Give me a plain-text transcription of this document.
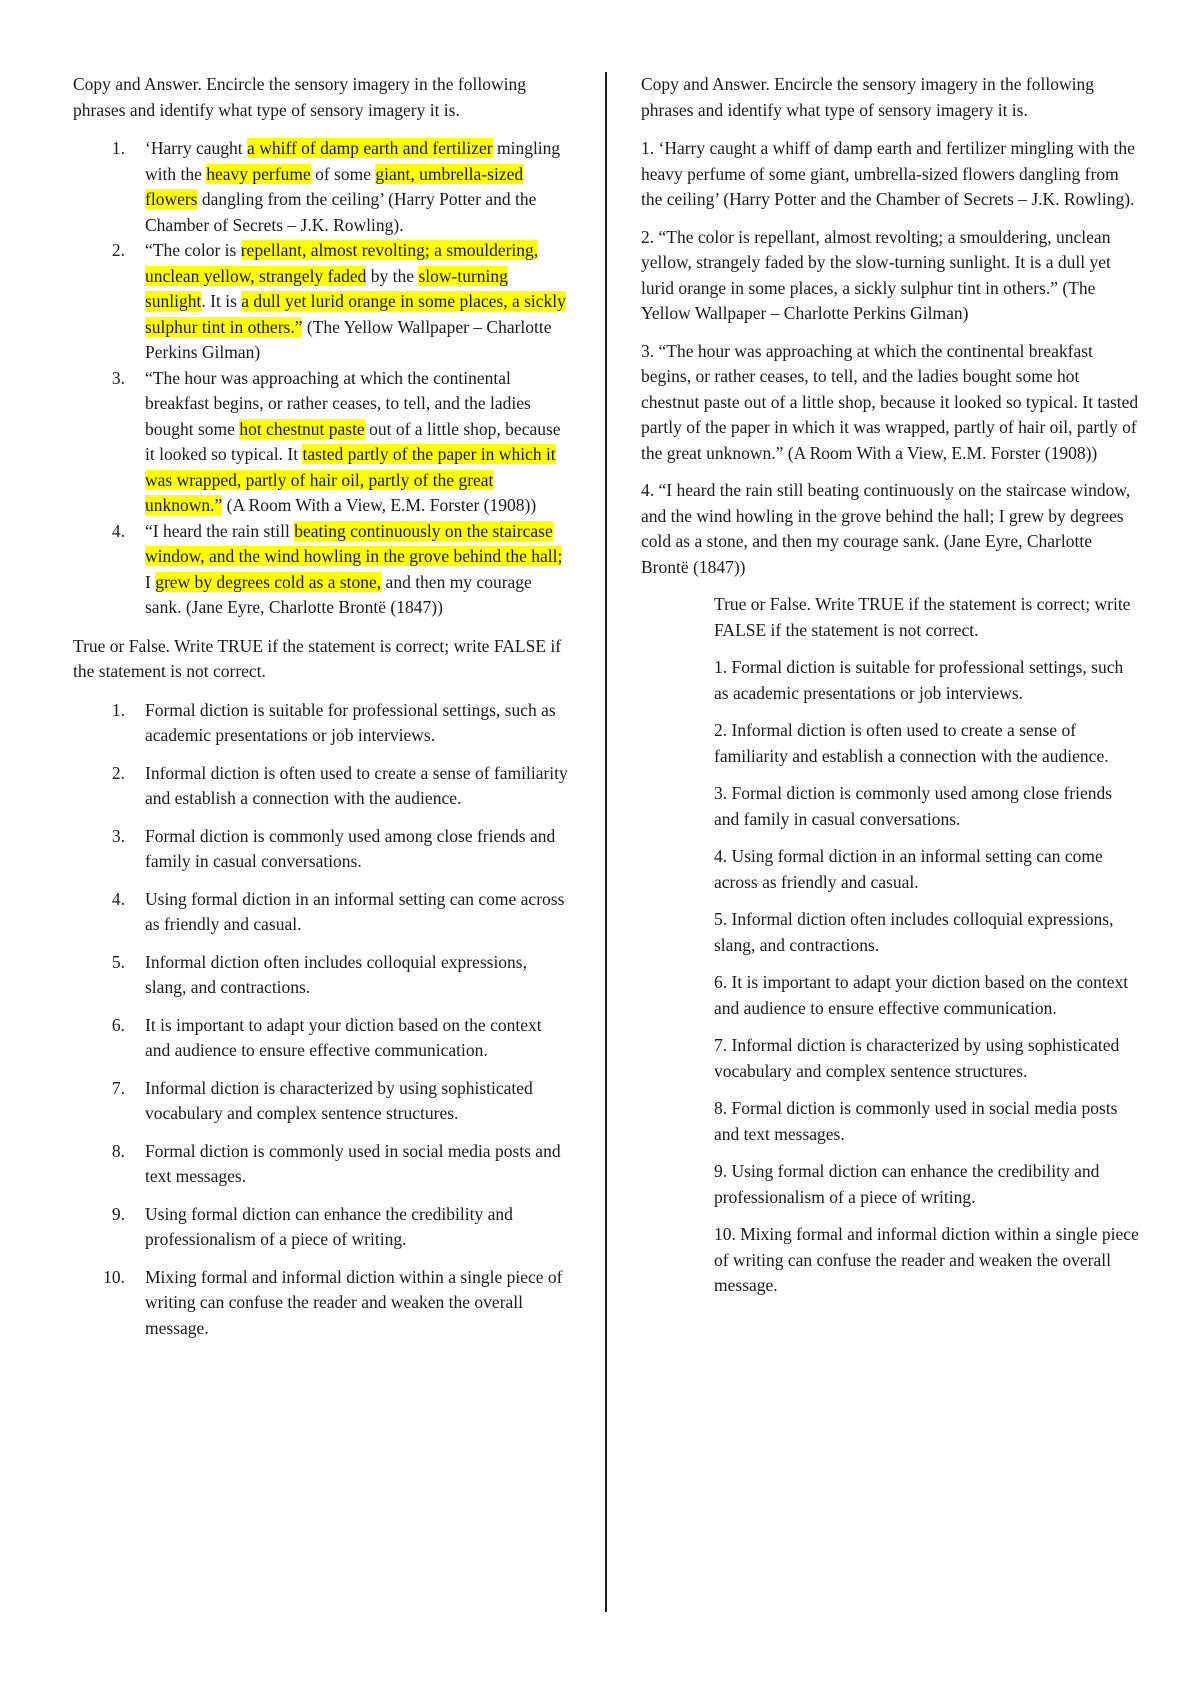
Copy and Answer. Encircle the sensory imagery in the following phrases and identify what type of sensory imagery it is.

1. ‘Harry caught a whiff of damp earth and fertilizer mingling with the heavy perfume of some giant, umbrella-sized flowers dangling from the ceiling’ (Harry Potter and the Chamber of Secrets – J.K. Rowling).
2. “The color is repellant, almost revolting; a smouldering, unclean yellow, strangely faded by the slow-turning sunlight. It is a dull yet lurid orange in some places, a sickly sulphur tint in others.” (The Yellow Wallpaper – Charlotte Perkins Gilman)
3. “The hour was approaching at which the continental breakfast begins, or rather ceases, to tell, and the ladies bought some hot chestnut paste out of a little shop, because it looked so typical. It tasted partly of the paper in which it was wrapped, partly of hair oil, partly of the great unknown.” (A Room With a View, E.M. Forster (1908))
4. “I heard the rain still beating continuously on the staircase window, and the wind howling in the grove behind the hall; I grew by degrees cold as a stone, and then my courage sank. (Jane Eyre, Charlotte Brontë (1847))

True or False. Write TRUE if the statement is correct; write FALSE if the statement is not correct.

1. Formal diction is suitable for professional settings, such as academic presentations or job interviews.
2. Informal diction is often used to create a sense of familiarity and establish a connection with the audience.
3. Formal diction is commonly used among close friends and family in casual conversations.
4. Using formal diction in an informal setting can come across as friendly and casual.
5. Informal diction often includes colloquial expressions, slang, and contractions.
6. It is important to adapt your diction based on the context and audience to ensure effective communication.
7. Informal diction is characterized by using sophisticated vocabulary and complex sentence structures.
8. Formal diction is commonly used in social media posts and text messages.
9. Using formal diction can enhance the credibility and professionalism of a piece of writing.
10. Mixing formal and informal diction within a single piece of writing can confuse the reader and weaken the overall message.

Copy and Answer. Encircle the sensory imagery in the following phrases and identify what type of sensory imagery it is.

1. ‘Harry caught a whiff of damp earth and fertilizer mingling with the heavy perfume of some giant, umbrella-sized flowers dangling from the ceiling’ (Harry Potter and the Chamber of Secrets – J.K. Rowling).

2. “The color is repellant, almost revolting; a smouldering, unclean yellow, strangely faded by the slow-turning sunlight. It is a dull yet lurid orange in some places, a sickly sulphur tint in others.” (The Yellow Wallpaper – Charlotte Perkins Gilman)

3. “The hour was approaching at which the continental breakfast begins, or rather ceases, to tell, and the ladies bought some hot chestnut paste out of a little shop, because it looked so typical. It tasted partly of the paper in which it was wrapped, partly of hair oil, partly of the great unknown.” (A Room With a View, E.M. Forster (1908))

4. “I heard the rain still beating continuously on the staircase window, and the wind howling in the grove behind the hall; I grew by degrees cold as a stone, and then my courage sank. (Jane Eyre, Charlotte Brontë (1847))

True or False. Write TRUE if the statement is correct; write FALSE if the statement is not correct.

1. Formal diction is suitable for professional settings, such as academic presentations or job interviews.

2. Informal diction is often used to create a sense of familiarity and establish a connection with the audience.

3. Formal diction is commonly used among close friends and family in casual conversations.

4. Using formal diction in an informal setting can come across as friendly and casual.

5. Informal diction often includes colloquial expressions, slang, and contractions.

6. It is important to adapt your diction based on the context and audience to ensure effective communication.

7. Informal diction is characterized by using sophisticated vocabulary and complex sentence structures.

8. Formal diction is commonly used in social media posts and text messages.

9. Using formal diction can enhance the credibility and professionalism of a piece of writing.

10. Mixing formal and informal diction within a single piece of writing can confuse the reader and weaken the overall message.
